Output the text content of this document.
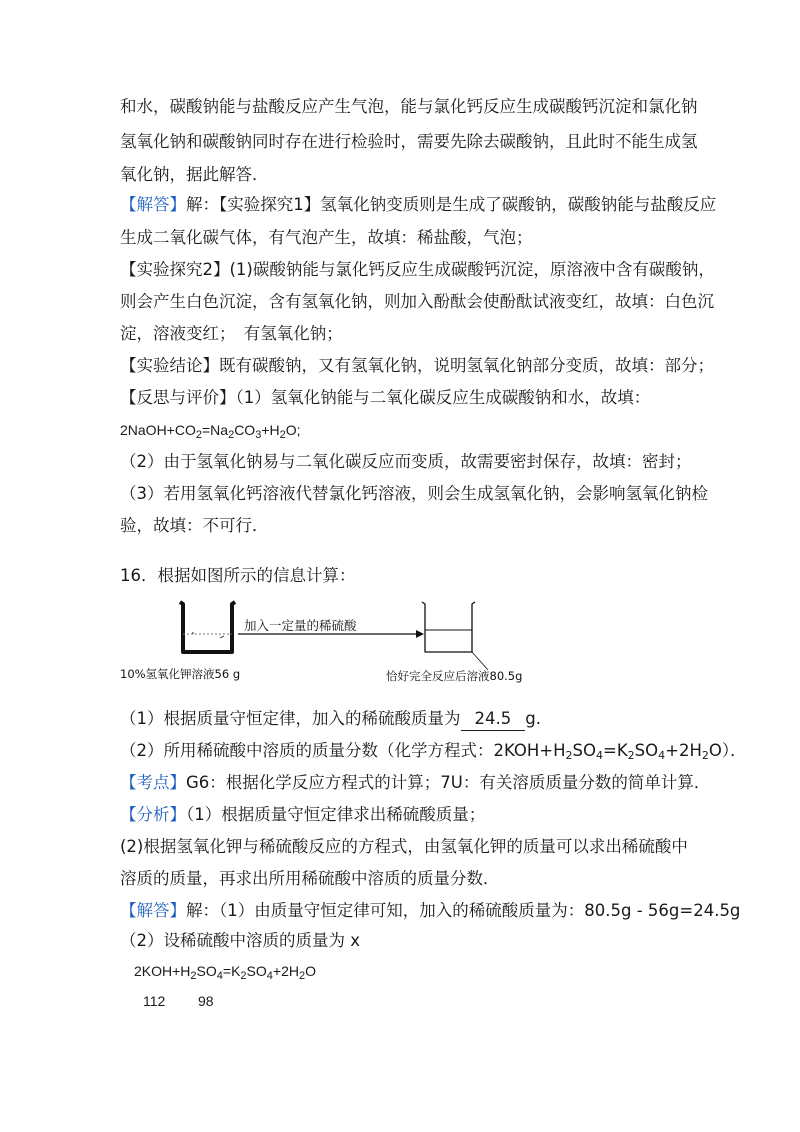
和水，碳酸钠能与盐酸反应产生气泡，能与氯化钙反应生成碳酸钙沉淀和氯化钠
氢氧化钠和碳酸钠同时存在进行检验时，需要先除去碳酸钠，且此时不能生成氢
氧化钠，据此解答．
【解答】解：【实验探究1】氢氧化钠变质则是生成了碳酸钠，碳酸钠能与盐酸反应
生成二氧化碳气体，有气泡产生，故填：稀盐酸，气泡；
【实验探究2】(1)碳酸钠能与氯化钙反应生成碳酸钙沉淀，原溶液中含有碳酸钠，
则会产生白色沉淀，含有氢氧化钠，则加入酚酞会使酚酞试液变红，故填：白色沉
淀，溶液变红；　有氢氧化钠；
【实验结论】既有碳酸钠，又有氢氧化钠，说明氢氧化钠部分变质，故填：部分；
【反思与评价】（1）氢氧化钠能与二氧化碳反应生成碳酸钠和水，故填：
$2NaOH+CO_2=Na_2CO_3+H_2O$;
（2）由于氢氧化钠易与二氧化碳反应而变质，故需要密封保存，故填：密封；
（3）若用氢氧化钙溶液代替氯化钙溶液，则会生成氢氧化钠，会影响氢氧化钠检
验，故填：不可行．
16．根据如图所示的信息计算：
加入一定量的稀硫酸
10%氢氧化钾溶液56 g	恰好完全反应后溶液80.5g
（1）根据质量守恒定律，加入的稀硫酸质量为 24.5 g.
（2）所用稀硫酸中溶质的质量分数（化学方程式：$2KOH+H_2SO_4=K_2SO_4+2H_2O$）．
【考点】G6：根据化学反应方程式的计算；7U：有关溶质质量分数的简单计算．
【分析】（1）根据质量守恒定律求出稀硫酸质量；
(2)根据氢氧化钾与稀硫酸反应的方程式，由氢氧化钾的质量可以求出稀硫酸中
溶质的质量，再求出所用稀硫酸中溶质的质量分数．
【解答】解：（1）由质量守恒定律可知，加入的稀硫酸质量为：80.5g - 56g=24.5g
（2）设稀硫酸中溶质的质量为 x
$2KOH+H_2SO_4=K_2SO_4+2H_2O$
112	98
